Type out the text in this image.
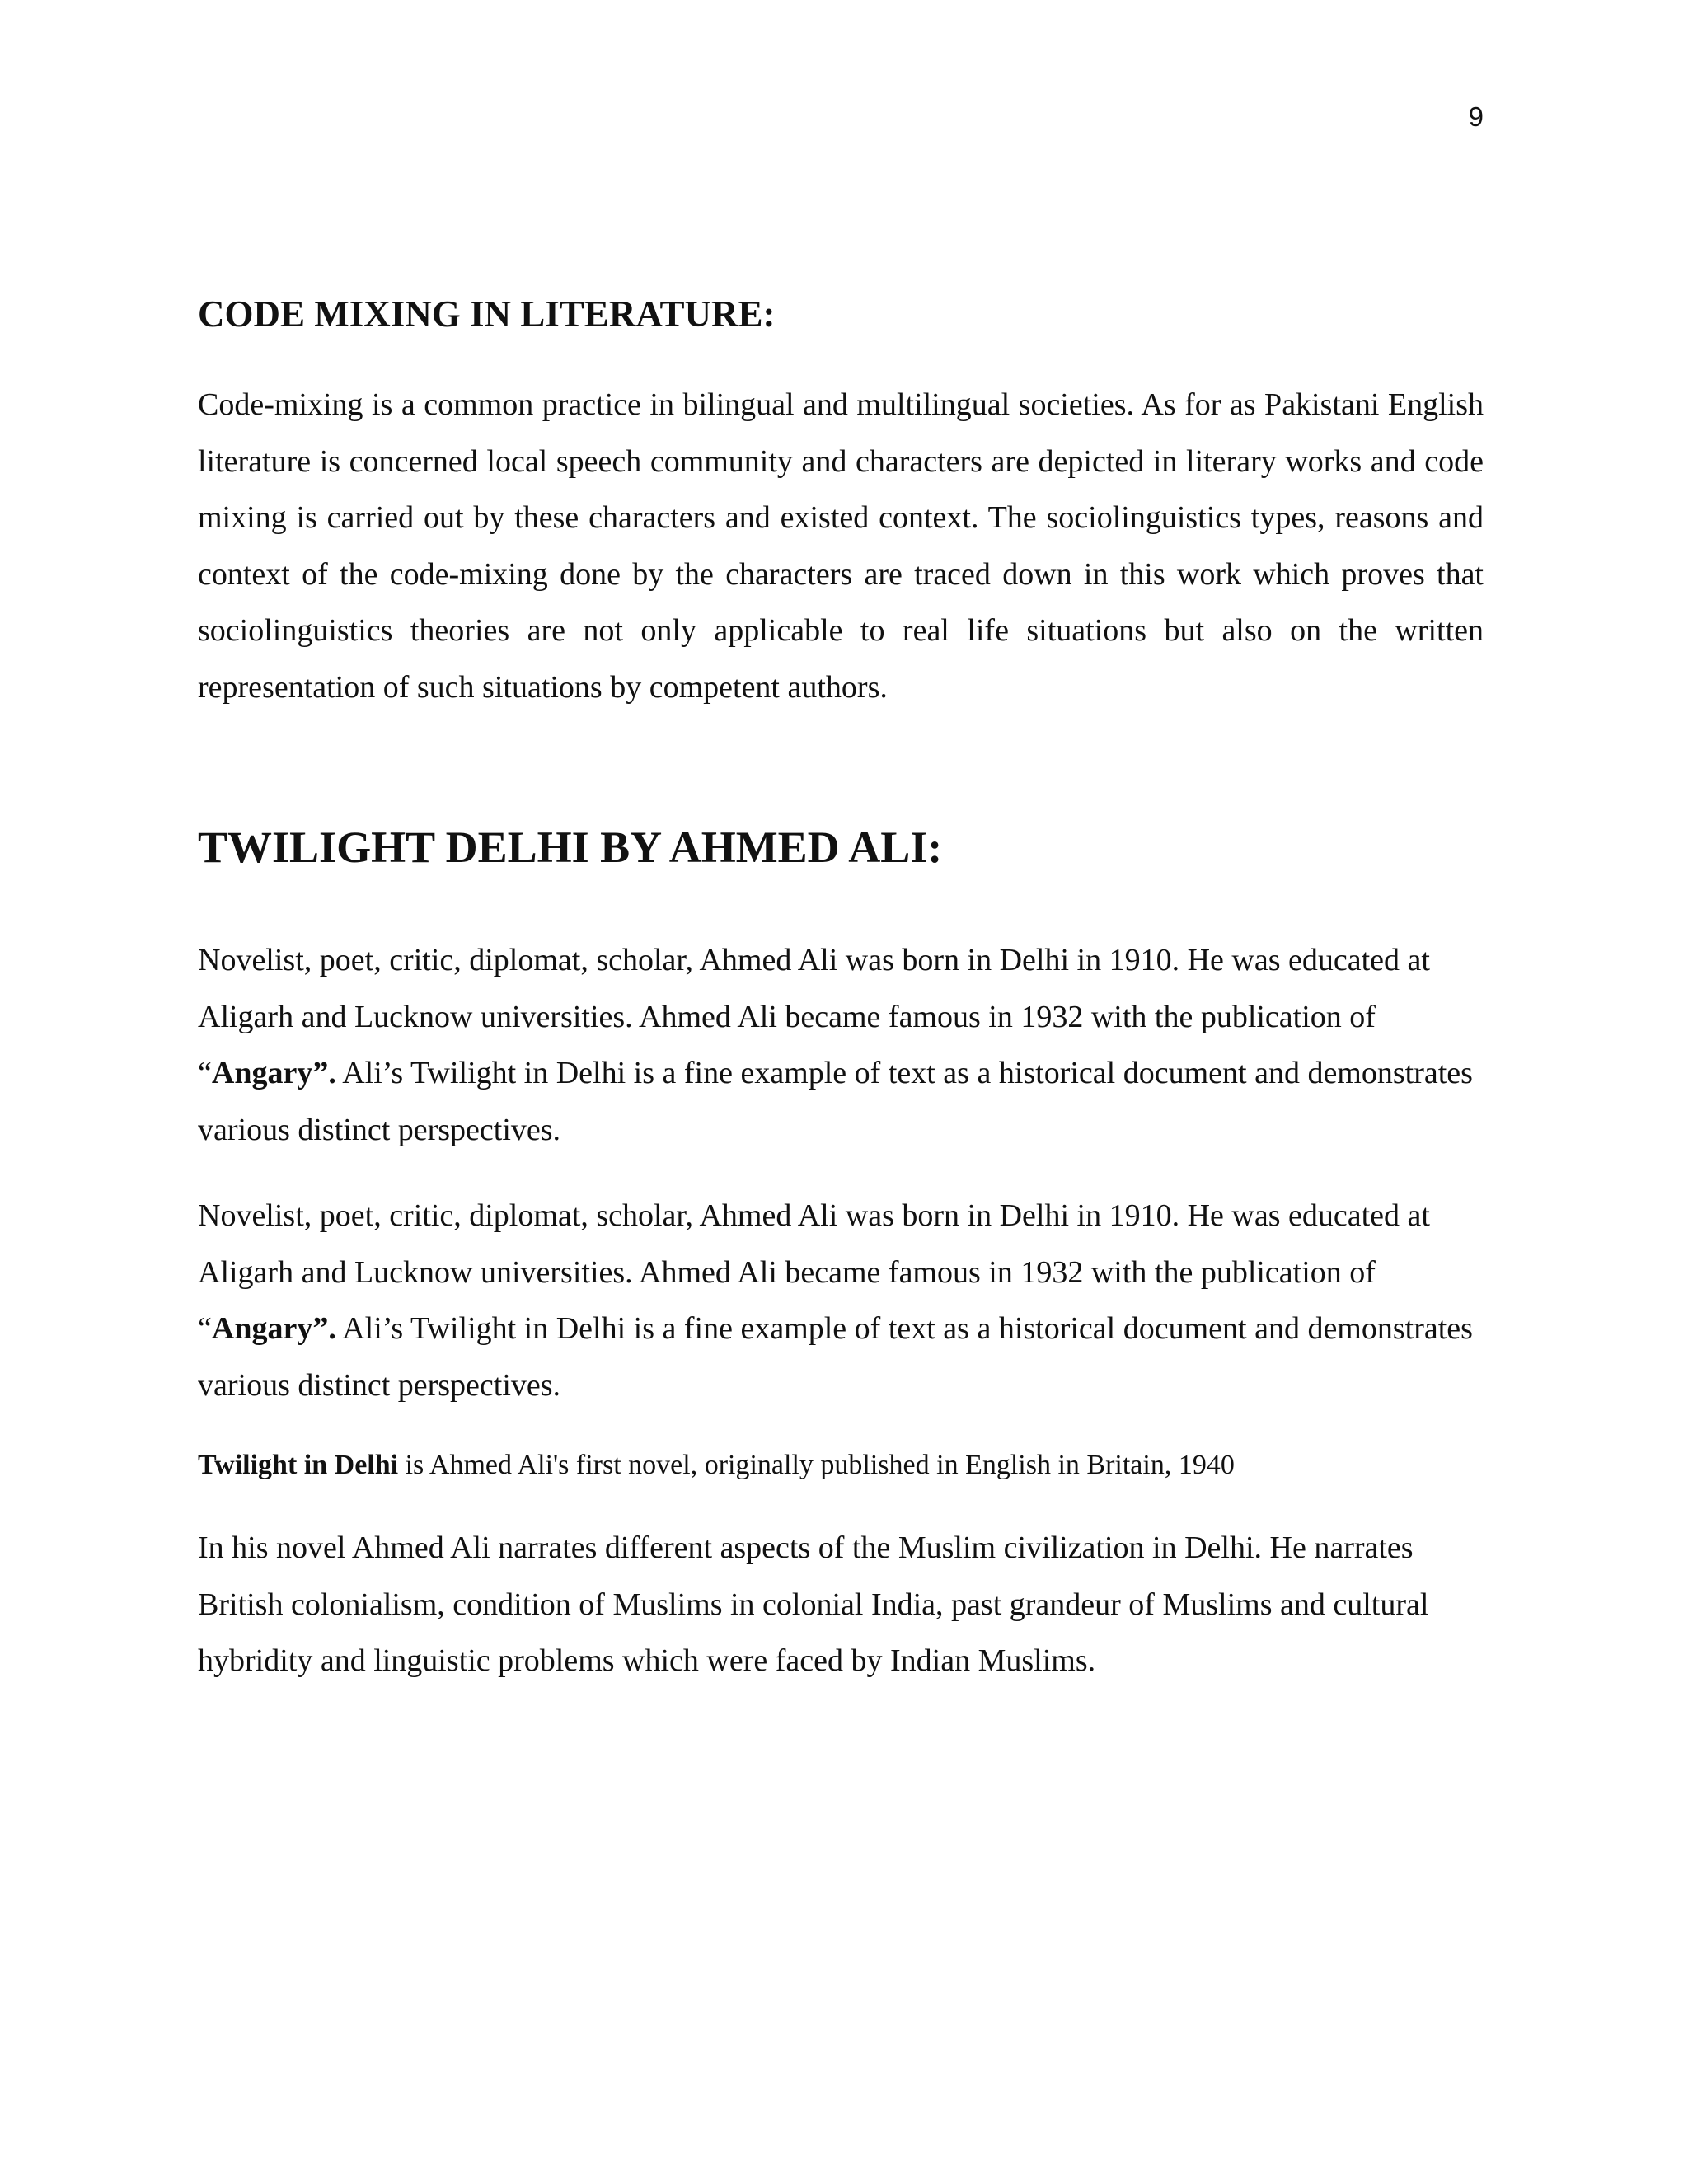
9
CODE MIXING IN LITERATURE:

Code-mixing is a common practice in bilingual and multilingual societies. As for as Pakistani English literature is concerned local speech community and characters are depicted in literary works and code mixing is carried out by these characters and existed context. The sociolinguistics types, reasons and context of the code-mixing done by the characters are traced down in this work which proves that sociolinguistics theories are not only applicable to real life situations but also on the written representation of such situations by competent authors.

TWILIGHT DELHI BY AHMED ALI:

Novelist, poet, critic, diplomat, scholar, Ahmed Ali was born in Delhi in 1910. He was educated at Aligarh and Lucknow universities. Ahmed Ali became famous in 1932 with the publication of “Angary”. Ali’s Twilight in Delhi is a fine example of text as a historical document and demonstrates various distinct perspectives.

Novelist, poet, critic, diplomat, scholar, Ahmed Ali was born in Delhi in 1910. He was educated at Aligarh and Lucknow universities. Ahmed Ali became famous in 1932 with the publication of “Angary”. Ali’s Twilight in Delhi is a fine example of text as a historical document and demonstrates various distinct perspectives.

Twilight in Delhi is Ahmed Ali's first novel, originally published in English in Britain, 1940

In his novel Ahmed Ali narrates different aspects of the Muslim civilization in Delhi. He narrates British colonialism, condition of Muslims in colonial India, past grandeur of Muslims and cultural hybridity and linguistic problems which were faced by Indian Muslims.
